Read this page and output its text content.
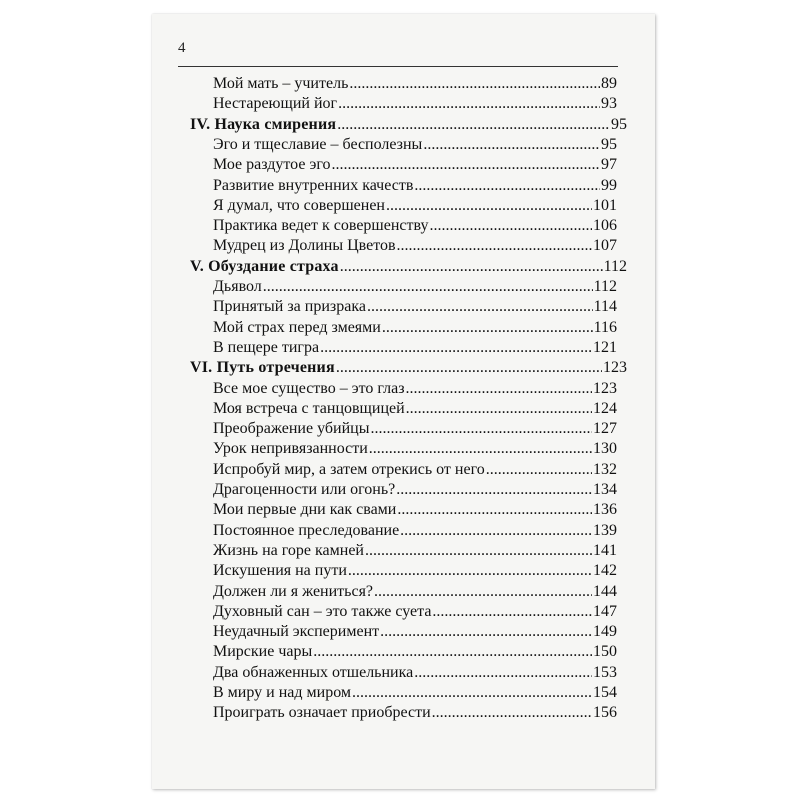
4
Мой мать – учитель .....	89
Нестареющий йог .....	93
IV. Наука смирения .....	95
Эго и тщеславие – бесполезны .....	95
Мое раздутое эго .....	97
Развитие внутренних качеств .....	99
Я думал, что совершенен .....	101
Практика ведет к совершенству .....	106
Мудрец из Долины Цветов .....	107
V. Обуздание страха .....	112
Дьявол .....	112
Принятый за призрака .....	114
Мой страх перед змеями .....	116
В пещере тигра .....	121
VI. Путь отречения .....	123
Все мое существо – это глаз .....	123
Моя встреча с танцовщицей .....	124
Преображение убийцы .....	127
Урок непривязанности .....	130
Испробуй мир, а затем отрекись от него .....	132
Драгоценности или огонь? .....	134
Мои первые дни как свами .....	136
Постоянное преследование .....	139
Жизнь на горе камней .....	141
Искушения на пути .....	142
Должен ли я жениться? .....	144
Духовный сан – это также суета .....	147
Неудачный эксперимент .....	149
Мирские чары .....	150
Два обнаженных отшельника .....	153
В миру и над миром .....	154
Проиграть означает приобрести .....	156
